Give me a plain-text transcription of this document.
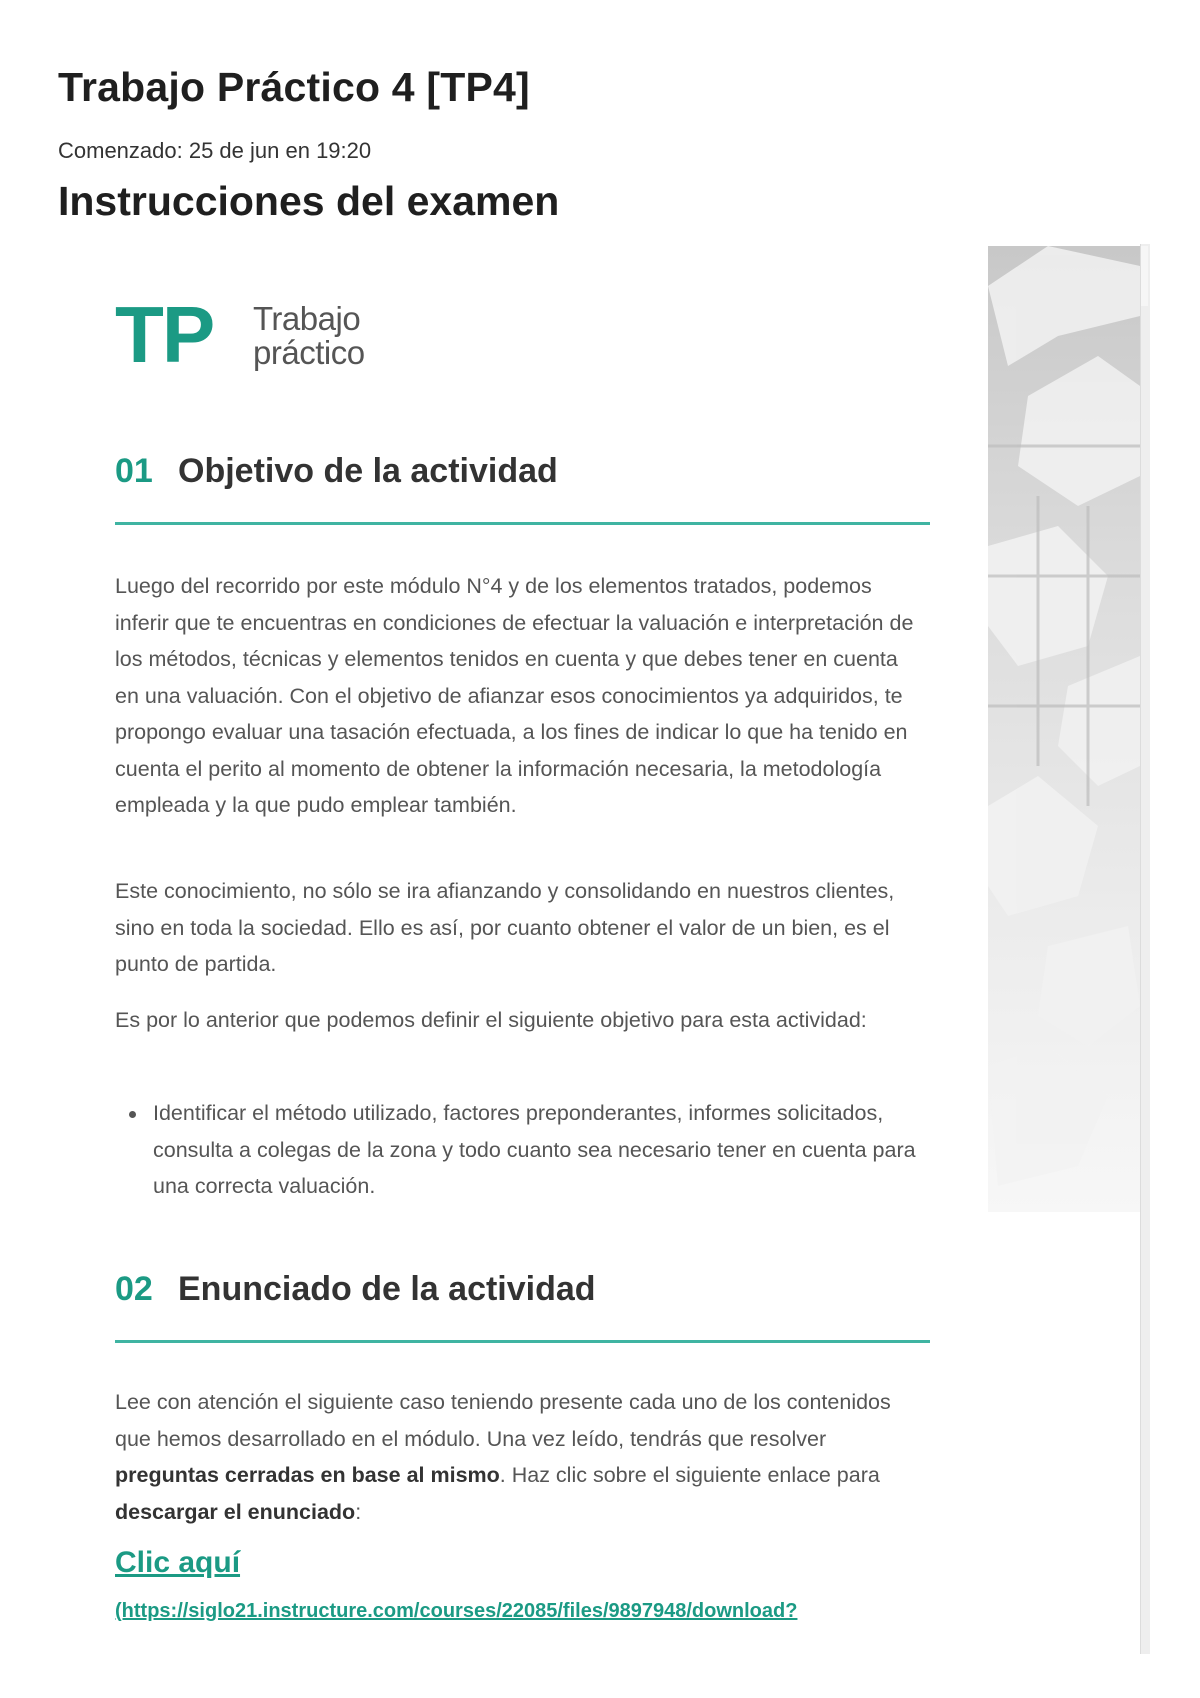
Trabajo Práctico 4 [TP4]
Comenzado: 25 de jun en 19:20
Instrucciones del examen
TP Trabajo
práctico
01 Objetivo de la actividad

Luego del recorrido por este módulo N°4 y de los elementos tratados, podemos inferir que te encuentras en condiciones de efectuar la valuación e interpretación de los métodos, técnicas y elementos tenidos en cuenta y que debes tener en cuenta en una valuación. Con el objetivo de afianzar esos conocimientos ya adquiridos, te propongo evaluar una tasación efectuada, a los fines de indicar lo que ha tenido en cuenta el perito al momento de obtener la información necesaria, la metodología empleada y la que pudo emplear también.

Este conocimiento, no sólo se ira afianzando y consolidando en nuestros clientes, sino en toda la sociedad. Ello es así, por cuanto obtener el valor de un bien, es el punto de partida.

Es por lo anterior que podemos definir el siguiente objetivo para esta actividad:

Identificar el método utilizado, factores preponderantes, informes solicitados, consulta a colegas de la zona y todo cuanto sea necesario tener en cuenta para una correcta valuación.
02 Enunciado de la actividad

Lee con atención el siguiente caso teniendo presente cada uno de los contenidos que hemos desarrollado en el módulo. Una vez leído, tendrás que resolver preguntas cerradas en base al mismo. Haz clic sobre el siguiente enlace para descargar el enunciado:

Clic aquí
(https://siglo21.instructure.com/courses/22085/files/9897948/download?
